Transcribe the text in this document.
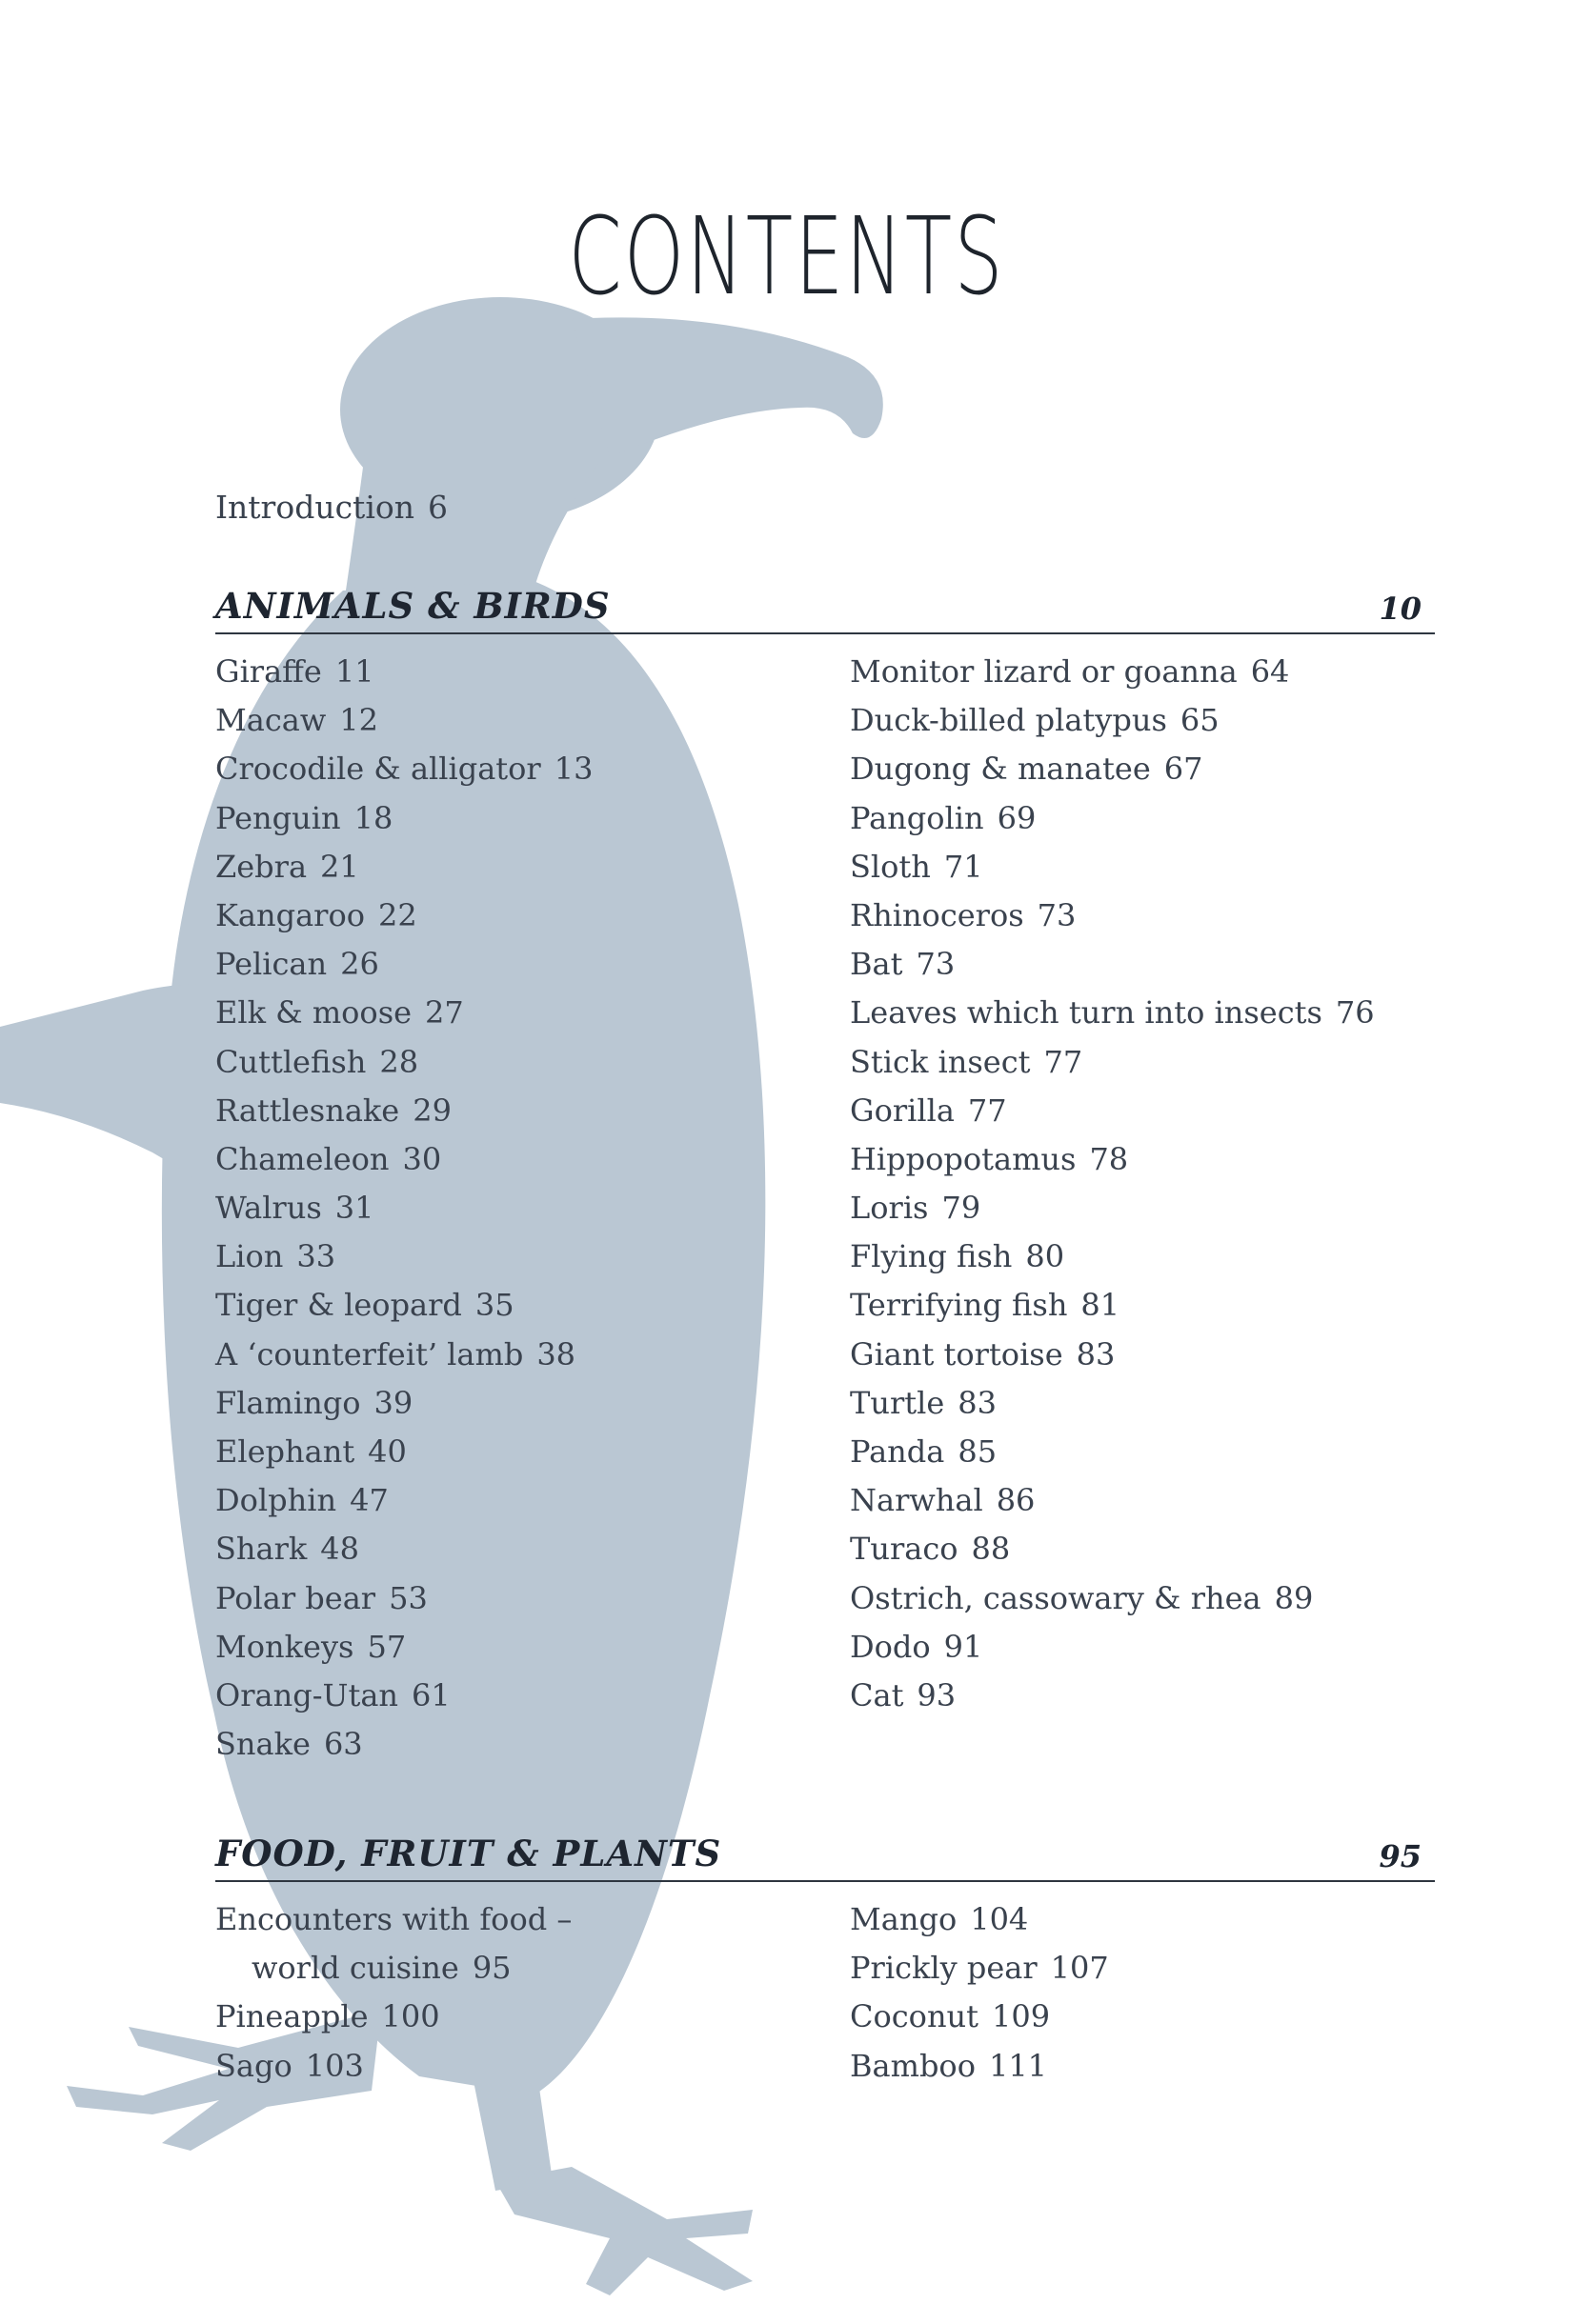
CONTENTS
Introduction 6
ANIMALS & BIRDS	10
Giraffe 11
Macaw 12
Crocodile & alligator 13
Penguin 18
Zebra 21
Kangaroo 22
Pelican 26
Elk & moose 27
Cuttlefish 28
Rattlesnake 29
Chameleon 30
Walrus 31
Lion 33
Tiger & leopard 35
A ‘counterfeit’ lamb 38
Flamingo 39
Elephant 40
Dolphin 47
Shark 48
Polar bear 53
Monkeys 57
Orang-Utan 61
Snake 63
Monitor lizard or goanna 64
Duck-billed platypus 65
Dugong & manatee 67
Pangolin 69
Sloth 71
Rhinoceros 73
Bat 73
Leaves which turn into insects 76
Stick insect 77
Gorilla 77
Hippopotamus 78
Loris 79
Flying fish 80
Terrifying fish 81
Giant tortoise 83
Turtle 83
Panda 85
Narwhal 86
Turaco 88
Ostrich, cassowary & rhea 89
Dodo 91
Cat 93
FOOD, FRUIT & PLANTS	95
Encounters with food –
world cuisine 95
Pineapple 100
Sago 103
Mango 104
Prickly pear 107
Coconut 109
Bamboo 111
